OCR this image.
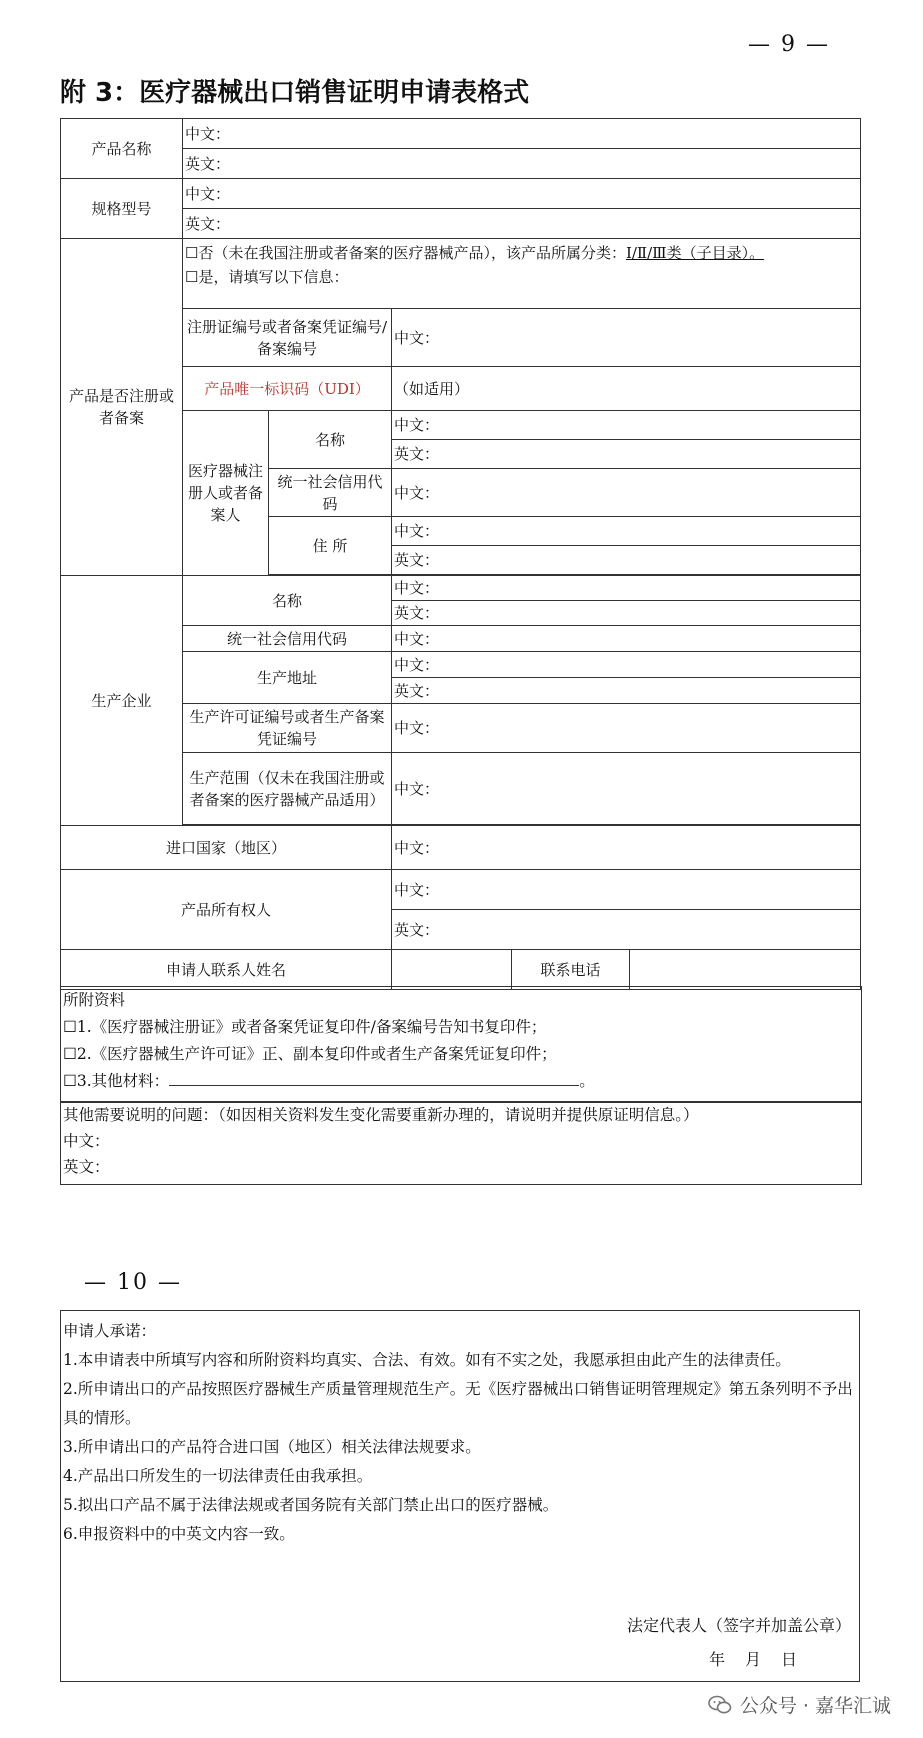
— 9 —
附 3：医疗器械出口销售证明申请表格式
产品名称	中文：				
	英文：				
规格型号	中文：				
	英文：				
产品是否注册或者备案	☐否（未在我国注册或者备案的医疗器械产品），该产品所属分类：Ⅰ/Ⅱ/Ⅲ类（子目录）。
☐是，请填写以下信息：				

	注册证编号或者备案凭证编号/备案编号		中文：		
	产品唯一标识码（UDI）		（如适用）		
	医疗器械注册人或者备案人	名称	中文：		
			英文：		
		统一社会信用代码	中文：		
		住 所	中文：		
			英文：		

生产企业	名称		中文：		
			英文：		
	统一社会信用代码		中文：		
	生产地址		中文：		
			英文：		
	生产许可证编号或者生产备案凭证编号		中文：		
	生产范围（仅未在我国注册或者备案的医疗器械产品适用）		中文：		

进口国家（地区）			中文：		
产品所有权人			中文：		
			英文：		
申请人联系人姓名				联系电话	
所附资料
☐1.《医疗器械注册证》或者备案凭证复印件/备案编号告知书复印件；
☐2.《医疗器械生产许可证》正、副本复印件或者生产备案凭证复印件；
☐3.其他材料：	。
其他需要说明的问题：（如因相关资料发生变化需要重新办理的，请说明并提供原证明信息。）
中文：
英文：
— 10 —
申请人承诺：
1.本申请表中所填写内容和所附资料均真实、合法、有效。如有不实之处，我愿承担由此产生的法律责任。
2.所申请出口的产品按照医疗器械生产质量管理规范生产。无《医疗器械出口销售证明管理规定》第五条列明不予出具的情形。
3.所申请出口的产品符合进口国（地区）相关法律法规要求。
4.产品出口所发生的一切法律责任由我承担。
5.拟出口产品不属于法律法规或者国务院有关部门禁止出口的医疗器械。
6.申报资料中的中英文内容一致。
法定代表人（签字并加盖公章）
年　月　日
公众号 · 嘉华汇诚
